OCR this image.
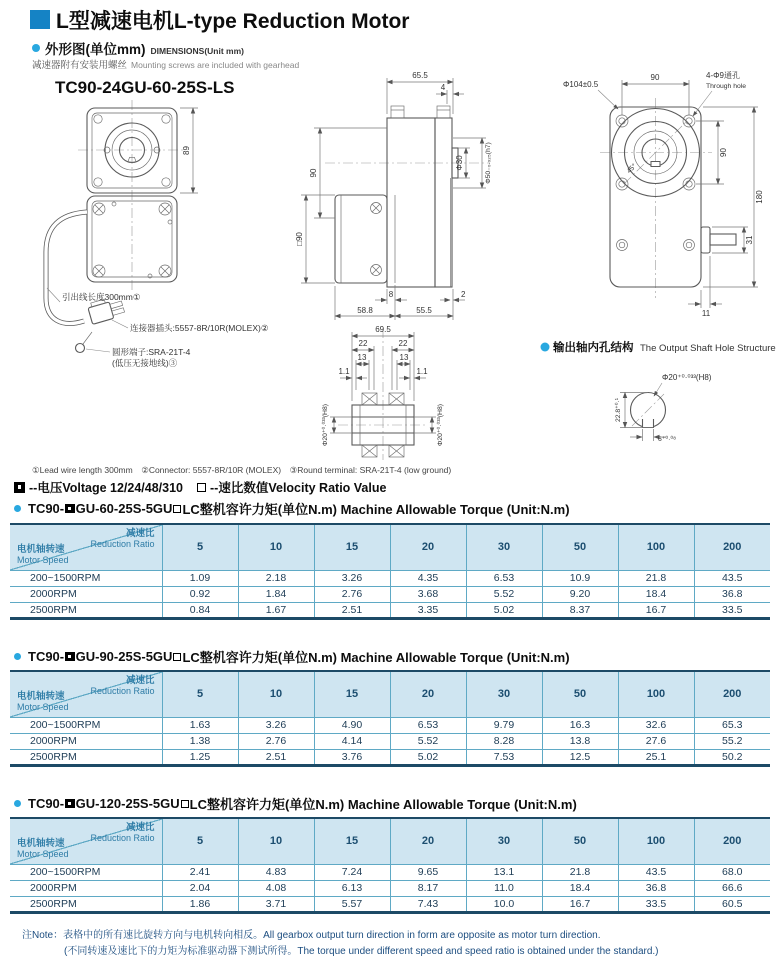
L型减速电机L-type Reduction Motor
外形图(单位mm) DIMENSIONS(Unit mm)
减速器附有安装用螺丝 Mounting screws are included with gearhead
TC90-24GU-60-25S-LS
89
引出线长度300mm①
连接器插头:5557-8R/10R(MOLEX)②
圆形端子:SRA-21T-4
(低压无接地线)③
65.5
4
Φ30	Φ50₋₀.₀₂₅(h7)
90
□90
8	2
58.8	55.5
45°
90
Φ104±0.5
4-Φ9通孔
Through hole
90
180
31
11
69.5
22	22
13	13
1.1	1.1
Φ20⁺⁰·⁰³³(H8)	Φ20⁺⁰·⁰³³(H8)
输出轴内孔结构 The Output Shaft Hole Structure
Φ20⁺⁰·⁰³³(H8)
22.8⁺⁰·¹
6⁺⁰·⁰⁸
①Lead wire length 300mm　②Connector: 5557-8R/10R (MOLEX)　③Round terminal: SRA-21T-4 (low ground)
--电压Voltage 12/24/48/310 --速比数值Velocity Ratio Value
TC90- GU-60-25S-5GU LC整机容许力矩(单位N.m) Machine Allowable Torque (Unit:N.m)
减速比
Reduction Ratio
电机轴转速
Motor Speed	5	10	15	20	30	50	100	200
200~1500RPM	1.09	2.18	3.26	4.35	6.53	10.9	21.8	43.5
2000RPM	0.92	1.84	2.76	3.68	5.52	9.20	18.4	36.8
2500RPM	0.84	1.67	2.51	3.35	5.02	8.37	16.7	33.5
TC90- GU-90-25S-5GU LC整机容许力矩(单位N.m) Machine Allowable Torque (Unit:N.m)
减速比
Reduction Ratio
电机轴转速
Motor Speed	5	10	15	20	30	50	100	200
200~1500RPM	1.63	3.26	4.90	6.53	9.79	16.3	32.6	65.3
2000RPM	1.38	2.76	4.14	5.52	8.28	13.8	27.6	55.2
2500RPM	1.25	2.51	3.76	5.02	7.53	12.5	25.1	50.2
TC90- GU-120-25S-5GU LC整机容许力矩(单位N.m) Machine Allowable Torque (Unit:N.m)
减速比
Reduction Ratio
电机轴转速
Motor Speed	5	10	15	20	30	50	100	200
200~1500RPM	2.41	4.83	7.24	9.65	13.1	21.8	43.5	68.0
2000RPM	2.04	4.08	6.13	8.17	11.0	18.4	36.8	66.6
2500RPM	1.86	3.71	5.57	7.43	10.0	16.7	33.5	60.5
注Note：表格中的所有速比旋转方向与电机转向相反。All gearbox output turn direction in form are opposite as motor turn direction.
(不同转速及速比下的力矩为标准驱动器下测试所得。The torque under different speed and speed ratio is obtained under the standard.)
